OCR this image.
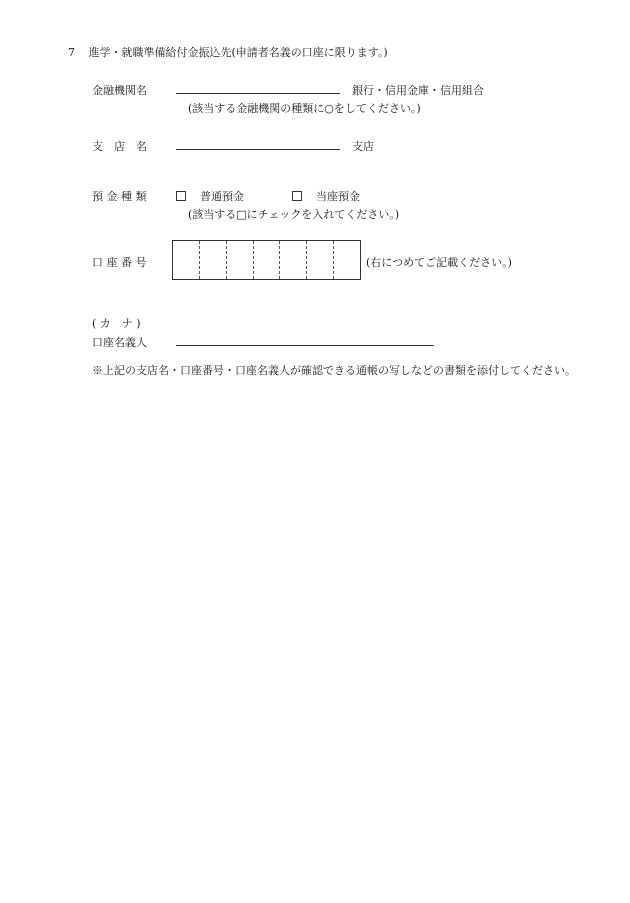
7 進学・就職準備給付金振込先(申請者名義の口座に限ります。)
金融機関名	銀行・信用金庫・信用組合
(該当する金融機関の種類に○をしてください。)
支　店　名	支店
預 金 種 類	普通預金	当座預金
(該当する□にチェックを入れてください。)
口 座 番 号	(右につめてご記載ください。)
( カ　ナ )
口座名義人
※上記の支店名・口座番号・口座名義人が確認できる通帳の写しなどの書類を添付してください。
